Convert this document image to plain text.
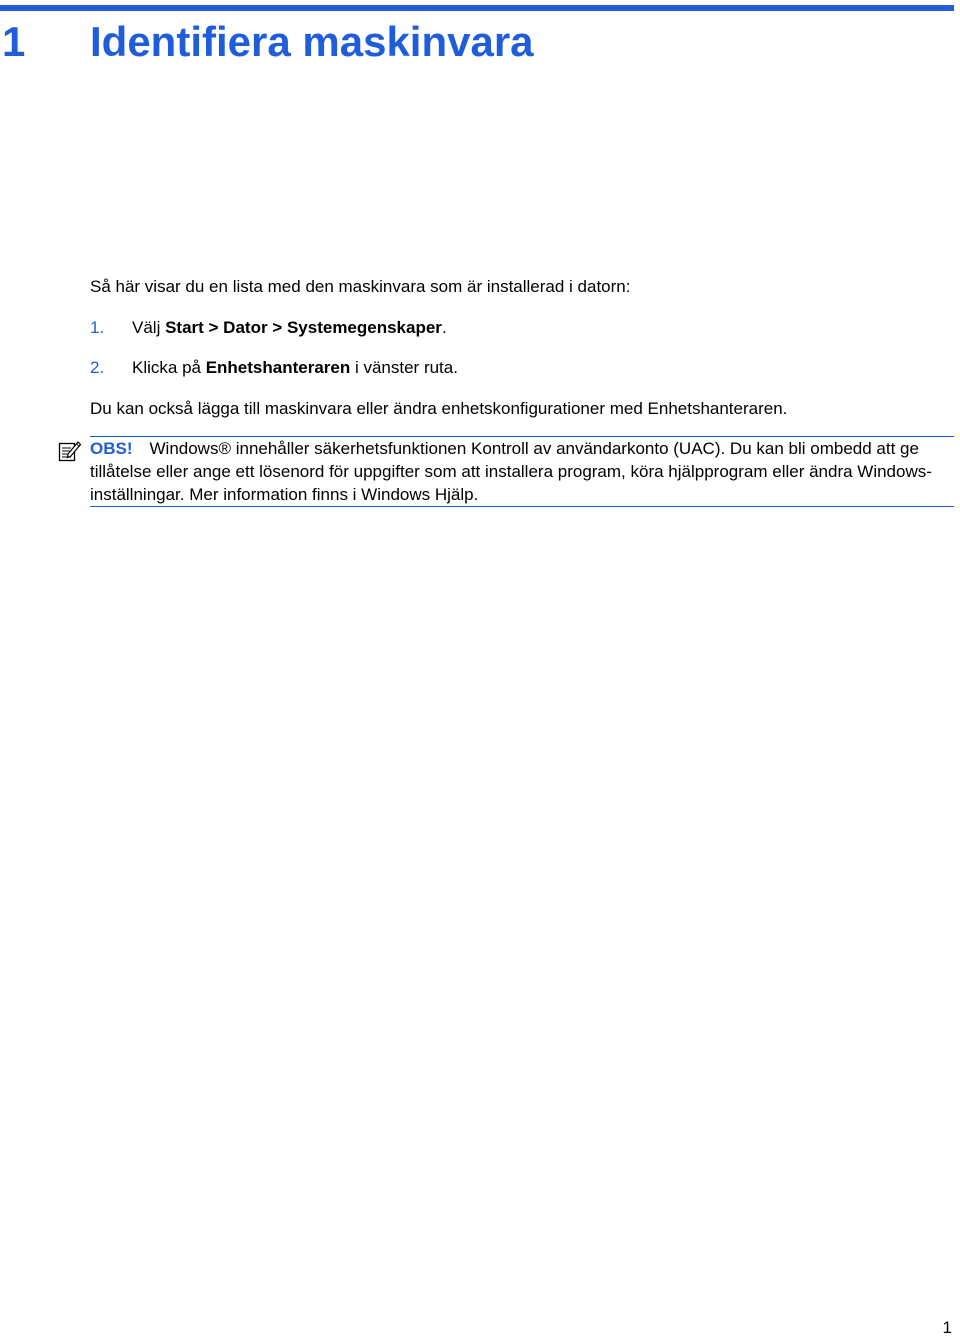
1 Identifiera maskinvara
Så här visar du en lista med den maskinvara som är installerad i datorn:
1. Välj Start > Dator > Systemegenskaper.
2. Klicka på Enhetshanteraren i vänster ruta.
Du kan också lägga till maskinvara eller ändra enhetskonfigurationer med Enhetshanteraren.
OBS! Windows® innehåller säkerhetsfunktionen Kontroll av användarkonto (UAC). Du kan bli ombedd att ge tillåtelse eller ange ett lösenord för uppgifter som att installera program, köra hjälpprogram eller ändra Windows-inställningar. Mer information finns i Windows Hjälp.
1
